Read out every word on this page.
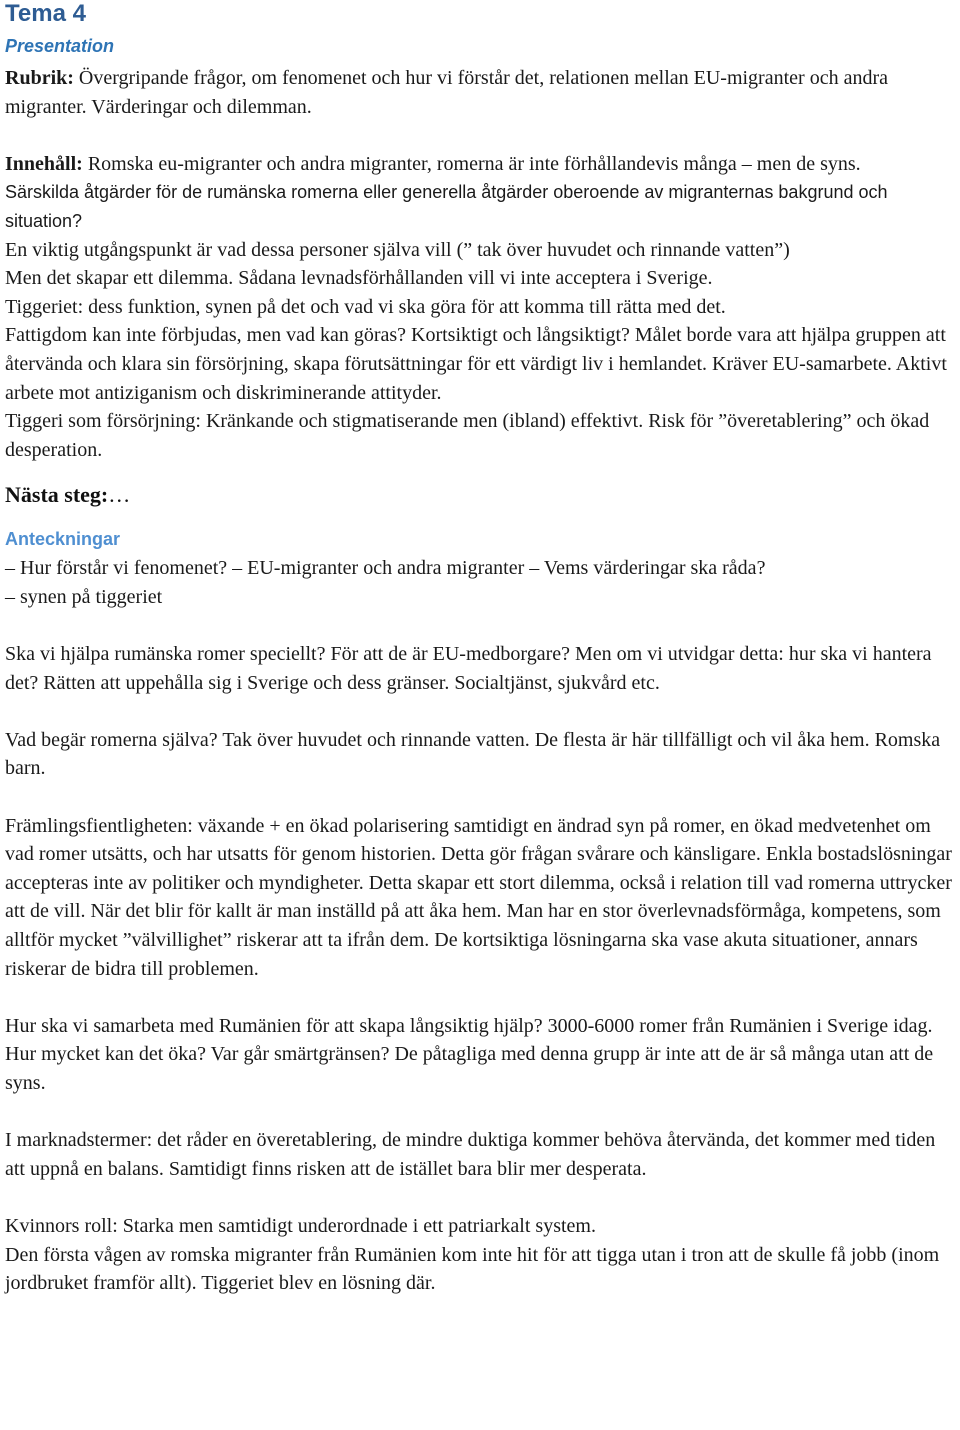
Tema 4
Presentation

Rubrik: Övergripande frågor, om fenomenet och hur vi förstår det, relationen mellan EU-migranter och andra migranter. Värderingar och dilemman.

Innehåll: Romska eu-migranter och andra migranter, romerna är inte förhållandevis många – men de syns.

Särskilda åtgärder för de rumänska romerna eller generella åtgärder oberoende av migranternas bakgrund och situation?

En viktig utgångspunkt är vad dessa personer själva vill (” tak över huvudet och rinnande vatten”)

Men det skapar ett dilemma. Sådana levnadsförhållanden vill vi inte acceptera i Sverige.

Tiggeriet: dess funktion, synen på det och vad vi ska göra för att komma till rätta med det.

Fattigdom kan inte förbjudas, men vad kan göras? Kortsiktigt och långsiktigt? Målet borde vara att hjälpa gruppen att återvända och klara sin försörjning, skapa förutsättningar för ett värdigt liv i hemlandet. Kräver EU-samarbete. Aktivt arbete mot antiziganism och diskriminerande attityder.

Tiggeri som försörjning: Kränkande och stigmatiserande men (ibland) effektivt. Risk för ”överetablering” och ökad desperation.

Nästa steg:…
Anteckningar

– Hur förstår vi fenomenet? – EU-migranter och andra migranter – Vems värderingar ska råda?

– synen på tiggeriet

Ska vi hjälpa rumänska romer speciellt? För att de är EU-medborgare? Men om vi utvidgar detta: hur ska vi hantera det? Rätten att uppehålla sig i Sverige och dess gränser. Socialtjänst, sjukvård etc.

Vad begär romerna själva? Tak över huvudet och rinnande vatten. De flesta är här tillfälligt och vil åka hem. Romska barn.

Främlingsfientligheten: växande + en ökad polarisering samtidigt en ändrad syn på romer, en ökad medvetenhet om vad romer utsätts, och har utsatts för genom historien. Detta gör frågan svårare och känsligare. Enkla bostadslösningar accepteras inte av politiker och myndigheter. Detta skapar ett stort dilemma, också i relation till vad romerna uttrycker att de vill. När det blir för kallt är man inställd på att åka hem. Man har en stor överlevnadsförmåga, kompetens, som alltför mycket ”välvillighet” riskerar att ta ifrån dem. De kortsiktiga lösningarna ska vase akuta situationer, annars riskerar de bidra till problemen.

Hur ska vi samarbeta med Rumänien för att skapa långsiktig hjälp? 3000-6000 romer från Rumänien i Sverige idag. Hur mycket kan det öka? Var går smärtgränsen? De påtagliga med denna grupp är inte att de är så många utan att de syns.

I marknadstermer: det råder en överetablering, de mindre duktiga kommer behöva återvända, det kommer med tiden att uppnå en balans. Samtidigt finns risken att de istället bara blir mer desperata.

Kvinnors roll: Starka men samtidigt underordnade i ett patriarkalt system.

Den första vågen av romska migranter från Rumänien kom inte hit för att tigga utan i tron att de skulle få jobb (inom jordbruket framför allt). Tiggeriet blev en lösning där.
